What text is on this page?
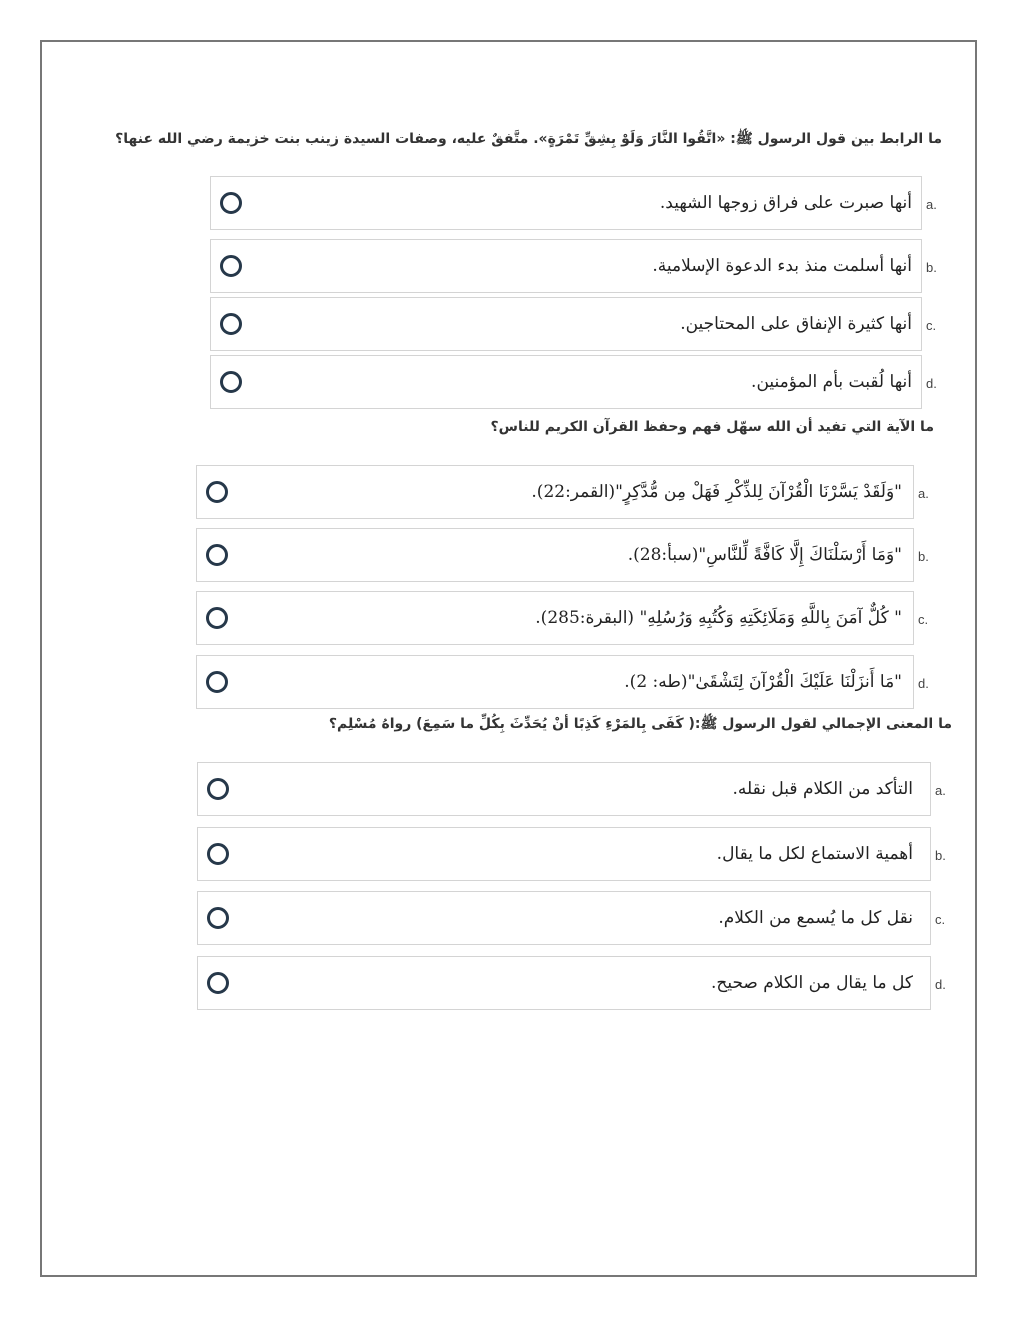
ما الرابط بين قول الرسول ﷺ: «اتَّقُوا النَّارَ وَلَوْ بِشِقِّ تَمْرَةٍ». متَّفقٌ عليه، وصفات السيدة زينب بنت خزيمة رضي الله عنها؟
أنها صبرت على فراق زوجها الشهيد. a.
أنها أسلمت منذ بدء الدعوة الإسلامية. b.
أنها كثيرة الإنفاق على المحتاجين. c.
أنها لُقبت بأم المؤمنين. d.
ما الآية التي تفيد أن الله سهّل فهم وحفظ القرآن الكريم للناس؟
"وَلَقَدْ يَسَّرْنَا الْقُرْآنَ لِلذِّكْرِ فَهَلْ مِن مُّدَّكِرٍ"(القمر:22). a.
"وَمَا أَرْسَلْنَاكَ إِلَّا كَافَّةً لِّلنَّاسِ"(سبأ:28). b.
" كُلٌّ آمَنَ بِاللَّهِ وَمَلَائِكَتِهِ وَكُتُبِهِ وَرُسُلِهِ" (البقرة:285). c.
"مَا أَنزَلْنَا عَلَيْكَ الْقُرْآنَ لِتَشْقَىٰ"(طه: 2). d.
ما المعنى الإجمالي لقول الرسول ﷺ:( كَفَى بِالمَرْءِ كَذِبًا أنْ يُحَدِّثَ بِكُلِّ ما سَمِعَ) رواهُ مُسْلِم؟
التأكد من الكلام قبل نقله. a.
أهمية الاستماع لكل ما يقال. b.
نقل كل ما يُسمع من الكلام. c.
كل ما يقال من الكلام صحيح. d.
